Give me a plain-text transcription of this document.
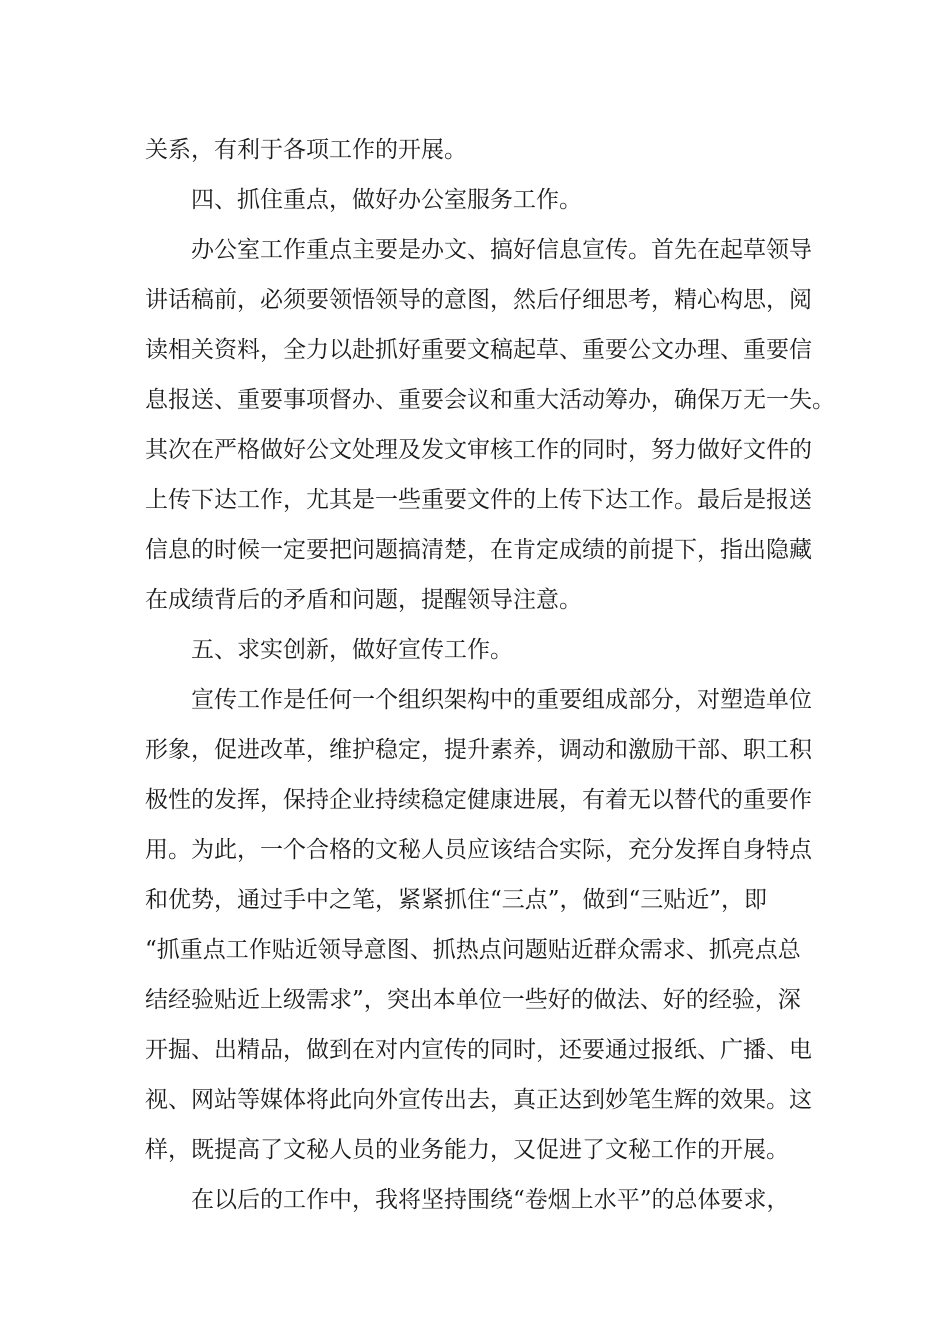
关系，有利于各项工作的开展。
四、抓住重点，做好办公室服务工作。
办公室工作重点主要是办文、搞好信息宣传。首先在起草领导
讲话稿前，必须要领悟领导的意图，然后仔细思考，精心构思，阅
读相关资料，全力以赴抓好重要文稿起草、重要公文办理、重要信
息报送、重要事项督办、重要会议和重大活动筹办，确保万无一失。
其次在严格做好公文处理及发文审核工作的同时，努力做好文件的
上传下达工作，尤其是一些重要文件的上传下达工作。最后是报送
信息的时候一定要把问题搞清楚，在肯定成绩的前提下，指出隐藏
在成绩背后的矛盾和问题，提醒领导注意。
五、求实创新，做好宣传工作。
宣传工作是任何一个组织架构中的重要组成部分，对塑造单位
形象，促进改革，维护稳定，提升素养，调动和激励干部、职工积
极性的发挥，保持企业持续稳定健康进展，有着无以替代的重要作
用。为此，一个合格的文秘人员应该结合实际，充分发挥自身特点
和优势，通过手中之笔，紧紧抓住“三点”，做到“三贴近”，即
“抓重点工作贴近领导意图、抓热点问题贴近群众需求、抓亮点总
结经验贴近上级需求”，突出本单位一些好的做法、好的经验，深
开掘、出精品，做到在对内宣传的同时，还要通过报纸、广播、电
视、网站等媒体将此向外宣传出去，真正达到妙笔生辉的效果。这
样，既提高了文秘人员的业务能力，又促进了文秘工作的开展。
在以后的工作中，我将坚持围绕“卷烟上水平”的总体要求，
